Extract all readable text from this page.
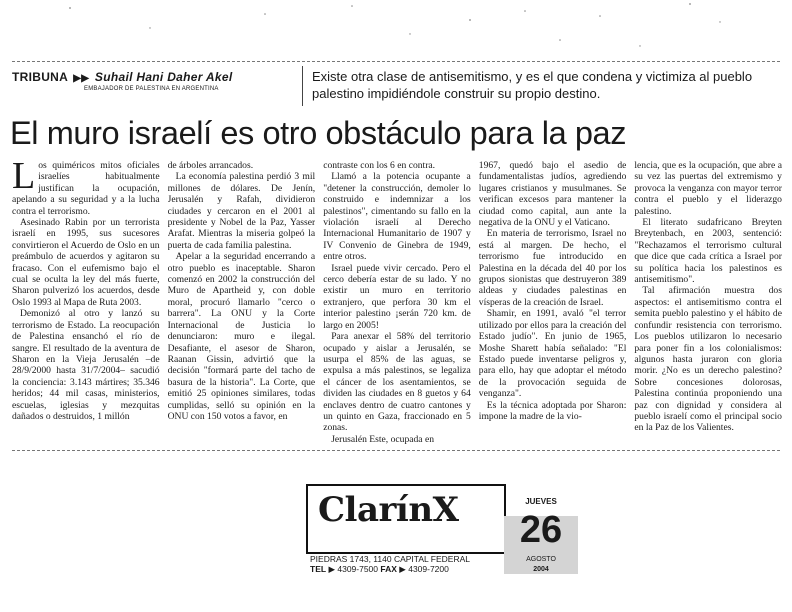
TRIBUNA ▶▶ Suhail Hani Daher Akel
EMBAJADOR DE PALESTINA EN ARGENTINA
Existe otra clase de antisemitismo, y es el que condena y victimiza al pueblo palestino impidiéndole construir su propio destino.
El muro israelí es otro obstáculo para la paz

Los quiméricos mitos oficiales israelíes habitualmente justifican la ocupación, apelando a su seguridad y a la lucha contra el terrorismo.

Asesinado Rabin por un terrorista israelí en 1995, sus sucesores convirtieron el Acuerdo de Oslo en un preámbulo de acuerdos y agitaron su fracaso. Con el eufemismo bajo el cual se oculta la ley del más fuerte, Sharon pulverizó los acuerdos, desde Oslo 1993 al Mapa de Ruta 2003.

Demonizó al otro y lanzó su terrorismo de Estado. La reocupación de Palestina ensanchó el río de sangre. El resultado de la aventura de Sharon en la Vieja Jerusalén –de 28/9/2000 hasta 31/7/2004– sacudió la conciencia: 3.143 mártires; 35.346 heridos; 44 mil casas, ministerios, escuelas, iglesias y mezquitas dañados o destruidos, 1 millón

de árboles arrancados.

La economía palestina perdió 3 mil millones de dólares. De Jenín, Jerusalén y Rafah, dividieron ciudades y cercaron en el 2001 al presidente y Nobel de la Paz, Yasser Arafat. Mientras la miseria golpeó la puerta de cada familia palestina.

Apelar a la seguridad encerrando a otro pueblo es inaceptable. Sharon comenzó en 2002 la construcción del Muro de Apartheid y, con doble moral, procuró llamarlo "cerco o barrera". La ONU y la Corte Internacional de Justicia lo denunciaron: muro e ilegal. Desafiante, el asesor de Sharon, Raanan Gissin, advirtió que la decisión "formará parte del tacho de basura de la historia". La Corte, que emitió 25 opiniones similares, todas cumplidas, selló su opinión en la ONU con 150 votos a favor, en

contraste con los 6 en contra.

Llamó a la potencia ocupante a "detener la construcción, demoler lo construido e indemnizar a los palestinos", cimentando su fallo en la violación israelí al Derecho Internacional Humanitario de 1907 y IV Convenio de Ginebra de 1949, entre otros.

Israel puede vivir cercado. Pero el cerco debería estar de su lado. Y no existir un muro en territorio extranjero, que perfora 30 km el interior palestino ¡serán 720 km. de largo en 2005!

Para anexar el 58% del territorio ocupado y aislar a Jerusalén, se usurpa el 85% de las aguas, se expulsa a más palestinos, se legaliza el cáncer de los asentamientos, se dividen las ciudades en 8 guetos y 64 enclaves dentro de cuatro cantones y un quinto en Gaza, fraccionado en 5 zonas.

Jerusalén Este, ocupada en

1967, quedó bajo el asedio de fundamentalistas judíos, agrediendo lugares cristianos y musulmanes. Se verifican excesos para mantener la ciudad como capital, aun ante la negativa de la ONU y el Vaticano.

En materia de terrorismo, Israel no está al margen. De hecho, el terrorismo fue introducido en Palestina en la década del 40 por los grupos sionistas que destruyeron 389 aldeas y ciudades palestinas en vísperas de la creación de Israel.

Shamir, en 1991, avaló "el terror utilizado por ellos para la creación del Estado judío". En junio de 1965, Moshe Sharett había señalado: "El Estado puede inventarse peligros y, para ello, hay que adoptar el método de la provocación seguida de venganza".

Es la técnica adoptada por Sharon: impone la madre de la vio-

lencia, que es la ocupación, que abre a su vez las puertas del extremismo y provoca la venganza con mayor terror contra el pueblo y el liderazgo palestino.

El literato sudafricano Breyten Breytenbach, en 2003, sentenció: "Rechazamos el terrorismo cultural que dice que cada crítica a Israel por su política hacia los palestinos es antisemitismo".

Tal afirmación muestra dos aspectos: el antisemitismo contra el semita pueblo palestino y el hábito de confundir resistencia con terrorismo. Los pueblos utilizaron lo necesario para poner fin a los colonialismos: algunos hasta juraron con gloria morir. ¿No es un derecho palestino? Sobre concesiones dolorosas, Palestina continúa proponiendo una paz con dignidad y considera al pueblo israelí como el principal socio en la Paz de los Valientes.

ClarínX
PIEDRAS 1743, 1140 CAPITAL FEDERAL
TEL ▶ 4309-7500 FAX ▶ 4309-7200
JUEVES
26
AGOSTO
2004
